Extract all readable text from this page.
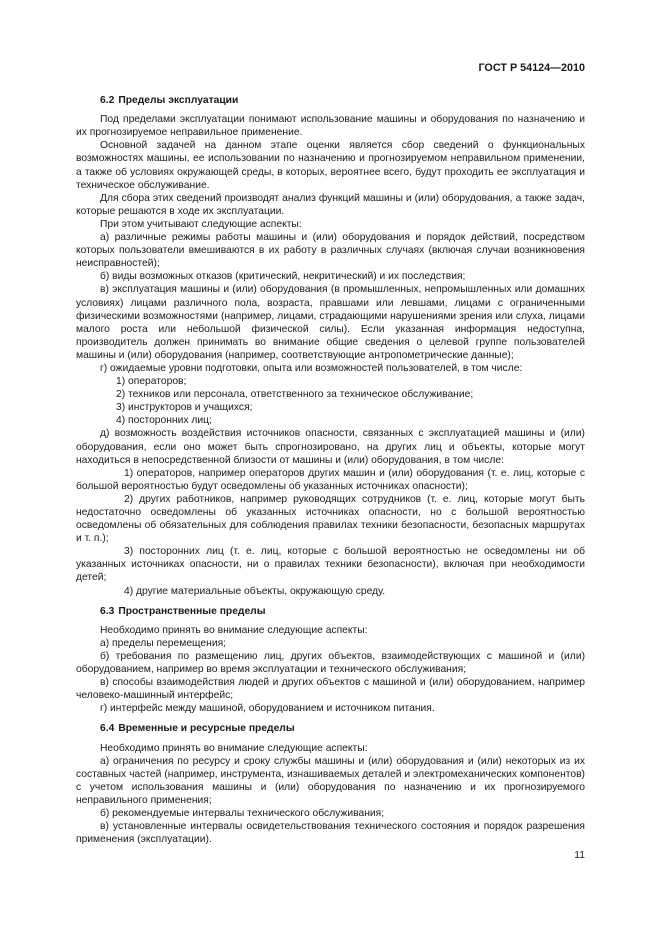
ГОСТ Р 54124—2010

6.2 Пределы эксплуатации

Под пределами эксплуатации понимают использование машины и оборудования по назначению и их прогнозируемое неправильное применение.

Основной задачей на данном этапе оценки является сбор сведений о функциональных возможностях машины, ее использовании по назначению и прогнозируемом неправильном применении, а также об условиях окружающей среды, в которых, вероятнее всего, будут проходить ее эксплуатация и техническое обслуживание.

Для сбора этих сведений производят анализ функций машины и (или) оборудования, а также задач, которые решаются в ходе их эксплуатации.

При этом учитывают следующие аспекты:

а) различные режимы работы машины и (или) оборудования и порядок действий, посредством которых пользователи вмешиваются в их работу в различных случаях (включая случаи возникновения неисправностей);

б) виды возможных отказов (критический, некритический) и их последствия;

в) эксплуатация машины и (или) оборудования (в промышленных, непромышленных или домашних условиях) лицами различного пола, возраста, правшами или левшами, лицами с ограниченными физическими возможностями (например, лицами, страдающими нарушениями зрения или слуха, лицами малого роста или небольшой физической силы). Если указанная информация недоступна, производитель должен принимать во внимание общие сведения о целевой группе пользователей машины и (или) оборудования (например, соответствующие антропометрические данные);

г) ожидаемые уровни подготовки, опыта или возможностей пользователей, в том числе:

1) операторов;

2) техников или персонала, ответственного за техническое обслуживание;

3) инструкторов и учащихся;

4) посторонних лиц;

д) возможность воздействия источников опасности, связанных с эксплуатацией машины и (или) оборудования, если оно может быть спрогнозировано, на других лиц и объекты, которые могут находиться в непосредственной близости от машины и (или) оборудования, в том числе:

1) операторов, например операторов других машин и (или) оборудования (т. е. лиц, которые с большой вероятностью будут осведомлены об указанных источниках опасности);

2) других работников, например руководящих сотрудников (т. е. лиц, которые могут быть недостаточно осведомлены об указанных источниках опасности, но с большой вероятностью осведомлены об обязательных для соблюдения правилах техники безопасности, безопасных маршрутах и т. п.);

3) посторонних лиц (т. е. лиц, которые с большой вероятностью не осведомлены ни об указанных источниках опасности, ни о правилах техники безопасности), включая при необходимости детей;

4) другие материальные объекты, окружающую среду.

6.3 Пространственные пределы

Необходимо принять во внимание следующие аспекты:

а) пределы перемещения;

б) требования по размещению лиц, других объектов, взаимодействующих с машиной и (или) оборудованием, например во время эксплуатации и технического обслуживания;

в) способы взаимодействия людей и других объектов с машиной и (или) оборудованием, например человеко-машинный интерфейс;

г) интерфейс между машиной, оборудованием и источником питания.

6.4 Временные и ресурсные пределы

Необходимо принять во внимание следующие аспекты:

а) ограничения по ресурсу и сроку службы машины и (или) оборудования и (или) некоторых из их составных частей (например, инструмента, изнашиваемых деталей и электромеханических компонентов) с учетом использования машины и (или) оборудования по назначению и их прогнозируемого неправильного применения;

б) рекомендуемые интервалы технического обслуживания;

в) установленные интервалы освидетельствования технического состояния и порядок разрешения применения (эксплуатации).

11
